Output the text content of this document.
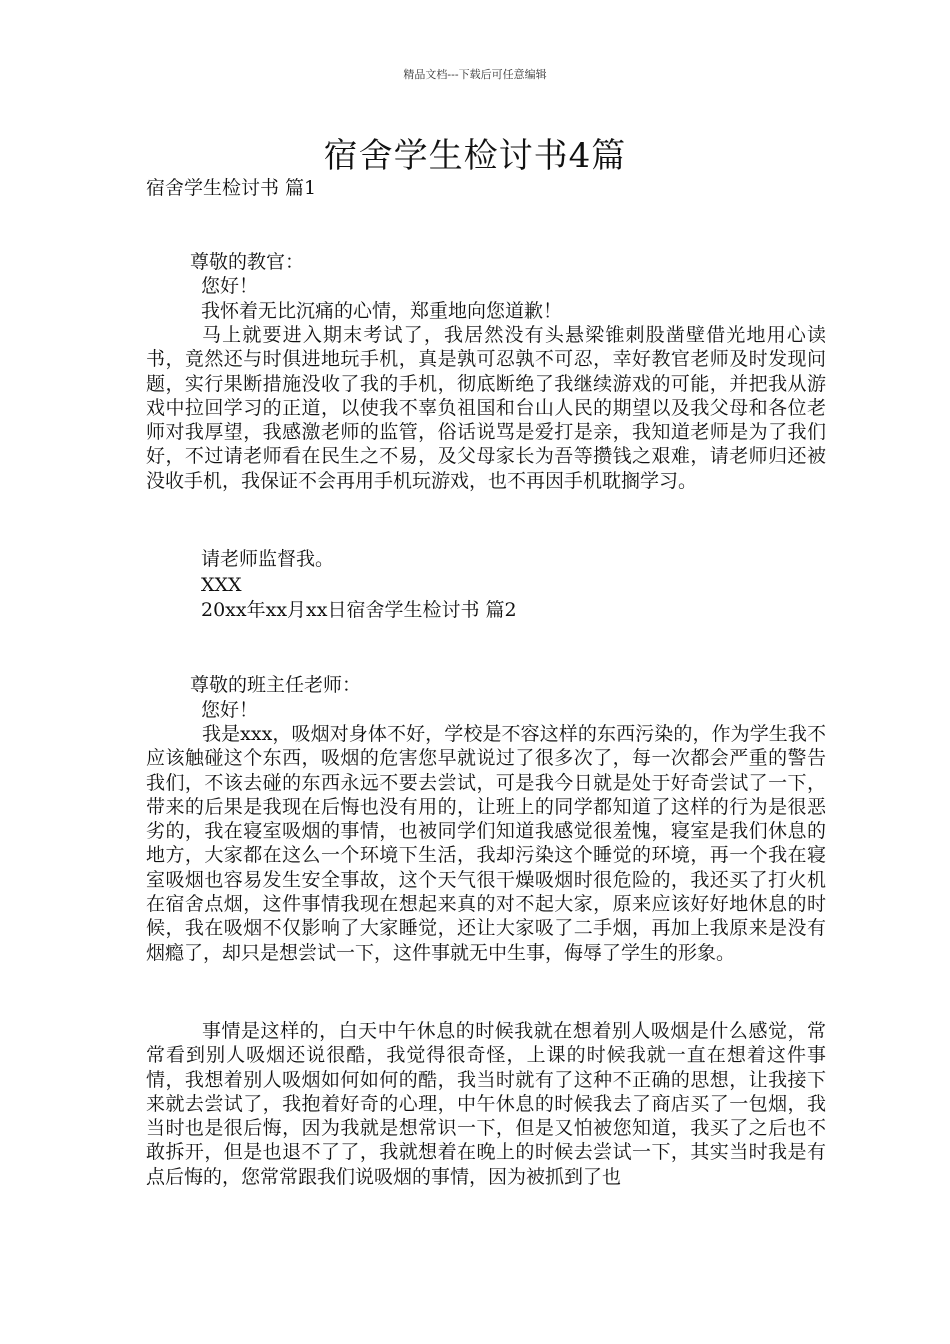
精品文档---下载后可任意编辑
宿舍学生检讨书4篇
宿舍学生检讨书 篇1
尊敬的教官：
您好！
我怀着无比沉痛的心情，郑重地向您道歉！
马上就要进入期末考试了，我居然没有头悬梁锥刺股凿壁借光地用心读书，竟然还与时俱进地玩手机，真是孰可忍孰不可忍，幸好教官老师及时发现问题，实行果断措施没收了我的手机，彻底断绝了我继续游戏的可能，并把我从游戏中拉回学习的正道，以使我不辜负祖国和台山人民的期望以及我父母和各位老师对我厚望，我感激老师的监管，俗话说骂是爱打是亲，我知道老师是为了我们好，不过请老师看在民生之不易，及父母家长为吾等攒钱之艰难，请老师归还被没收手机，我保证不会再用手机玩游戏，也不再因手机耽搁学习。
请老师监督我。
XXX
20xx年xx月xx日宿舍学生检讨书 篇2
尊敬的班主任老师：
您好！
我是xxx，吸烟对身体不好，学校是不容这样的东西污染的，作为学生我不应该触碰这个东西，吸烟的危害您早就说过了很多次了，每一次都会严重的警告我们，不该去碰的东西永远不要去尝试，可是我今日就是处于好奇尝试了一下，带来的后果是我现在后悔也没有用的，让班上的同学都知道了这样的行为是很恶劣的，我在寝室吸烟的事情，也被同学们知道我感觉很羞愧，寝室是我们休息的地方，大家都在这么一个环境下生活，我却污染这个睡觉的环境，再一个我在寝室吸烟也容易发生安全事故，这个天气很干燥吸烟时很危险的，我还买了打火机在宿舍点烟，这件事情我现在想起来真的对不起大家，原来应该好好地休息的时候，我在吸烟不仅影响了大家睡觉，还让大家吸了二手烟，再加上我原来是没有烟瘾了，却只是想尝试一下，这件事就无中生事，侮辱了学生的形象。
事情是这样的，白天中午休息的时候我就在想着别人吸烟是什么感觉，常常看到别人吸烟还说很酷，我觉得很奇怪，上课的时候我就一直在想着这件事情，我想着别人吸烟如何如何的酷，我当时就有了这种不正确的思想，让我接下来就去尝试了，我抱着好奇的心理，中午休息的时候我去了商店买了一包烟，我当时也是很后悔，因为我就是想常识一下，但是又怕被您知道，我买了之后也不敢拆开，但是也退不了了，我就想着在晚上的时候去尝试一下，其实当时我是有点后悔的，您常常跟我们说吸烟的事情，因为被抓到了也
